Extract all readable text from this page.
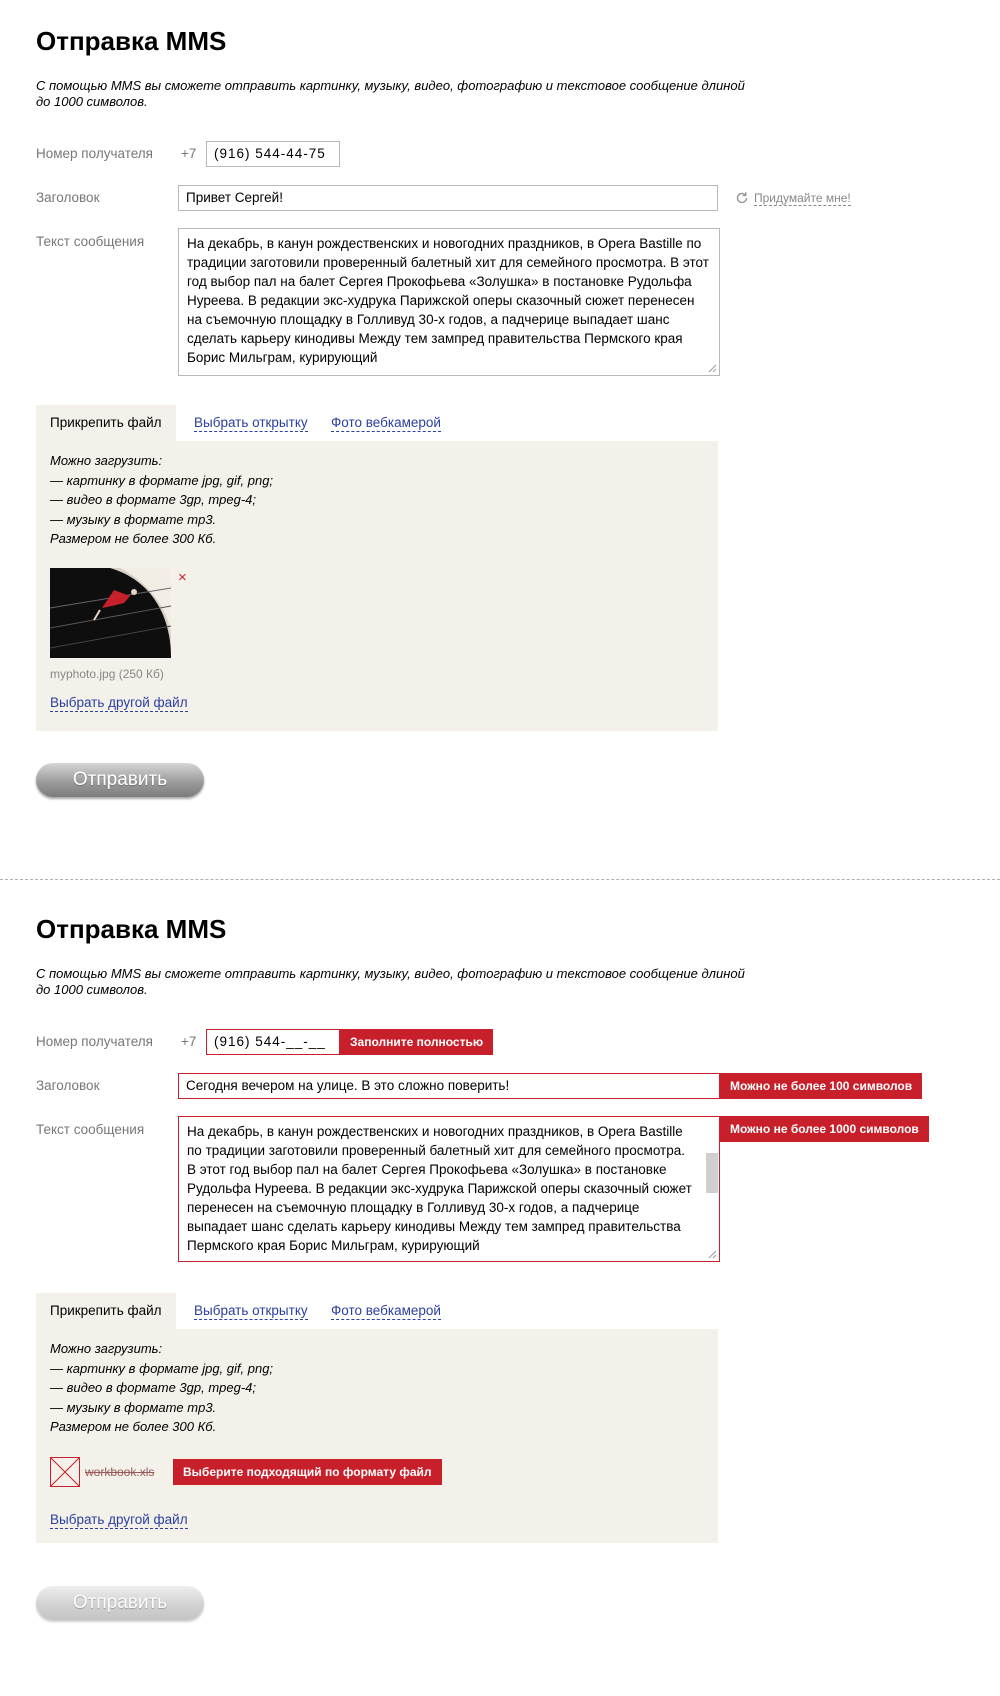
Отправка MMS
С помощью MMS вы сможете отправить картинку, музыку, видео, фотографию и текстовое сообщение длиной до 1000 символов.
Номер получателя +7	(916) 544-44-75
Заголовок	Привет Сергей!	Придумайте мне!
Текст сообщения	На декабрь, в канун рождественских и новогодних праздников, в Opera Bastille по традиции заготовили проверенный балетный хит для семейного просмотра. В этот год выбор пал на балет Сергея Прокофьева «Золушка» в постановке Рудольфа Нуреева. В редакции экс-худрука Парижской оперы сказочный сюжет перенесен на съемочную площадку в Голливуд 30-х годов, а падчерице выпадает шанс сделать карьеру кинодивы Между тем зампред правительства Пермского края Борис Мильграм, курирующий
Прикрепить файл	Выбрать открытку Фото вебкамерой
Можно загрузить:
— картинку в формате jpg, gif, png;
— видео в формате 3gp, mpeg-4;
— музыку в формате mp3.
Размером не более 300 Кб.
×
myphoto.jpg (250 Кб)
Выбрать другой файл
Отправить
Отправка MMS
С помощью MMS вы сможете отправить картинку, музыку, видео, фотографию и текстовое сообщение длиной до 1000 символов.
Номер получателя +7	(916) 544-__-__	Заполните полностью
Заголовок	Сегодня вечером на улице. В это сложно поверить!	Можно не более 100 символов
Текст сообщения	На декабрь, в канун рождественских и новогодних праздников, в Opera Bastille по традиции заготовили проверенный балетный хит для семейного просмотра. В этот год выбор пал на балет Сергея Прокофьева «Золушка» в постановке Рудольфа Нуреева. В редакции экс-худрука Парижской оперы сказочный сюжет перенесен на съемочную площадку в Голливуд 30-х годов, а падчерице выпадает шанс сделать карьеру кинодивы Между тем зампред правительства Пермского края Борис Мильграм, курирующий
Можно не более 1000 символов
Прикрепить файл	Выбрать открытку Фото вебкамерой
Можно загрузить:
— картинку в формате jpg, gif, png;
— видео в формате 3gp, mpeg-4;
— музыку в формате mp3.
Размером не более 300 Кб.
workbook.xls	Выберите подходящий по формату файл
Выбрать другой файл
Отправить
